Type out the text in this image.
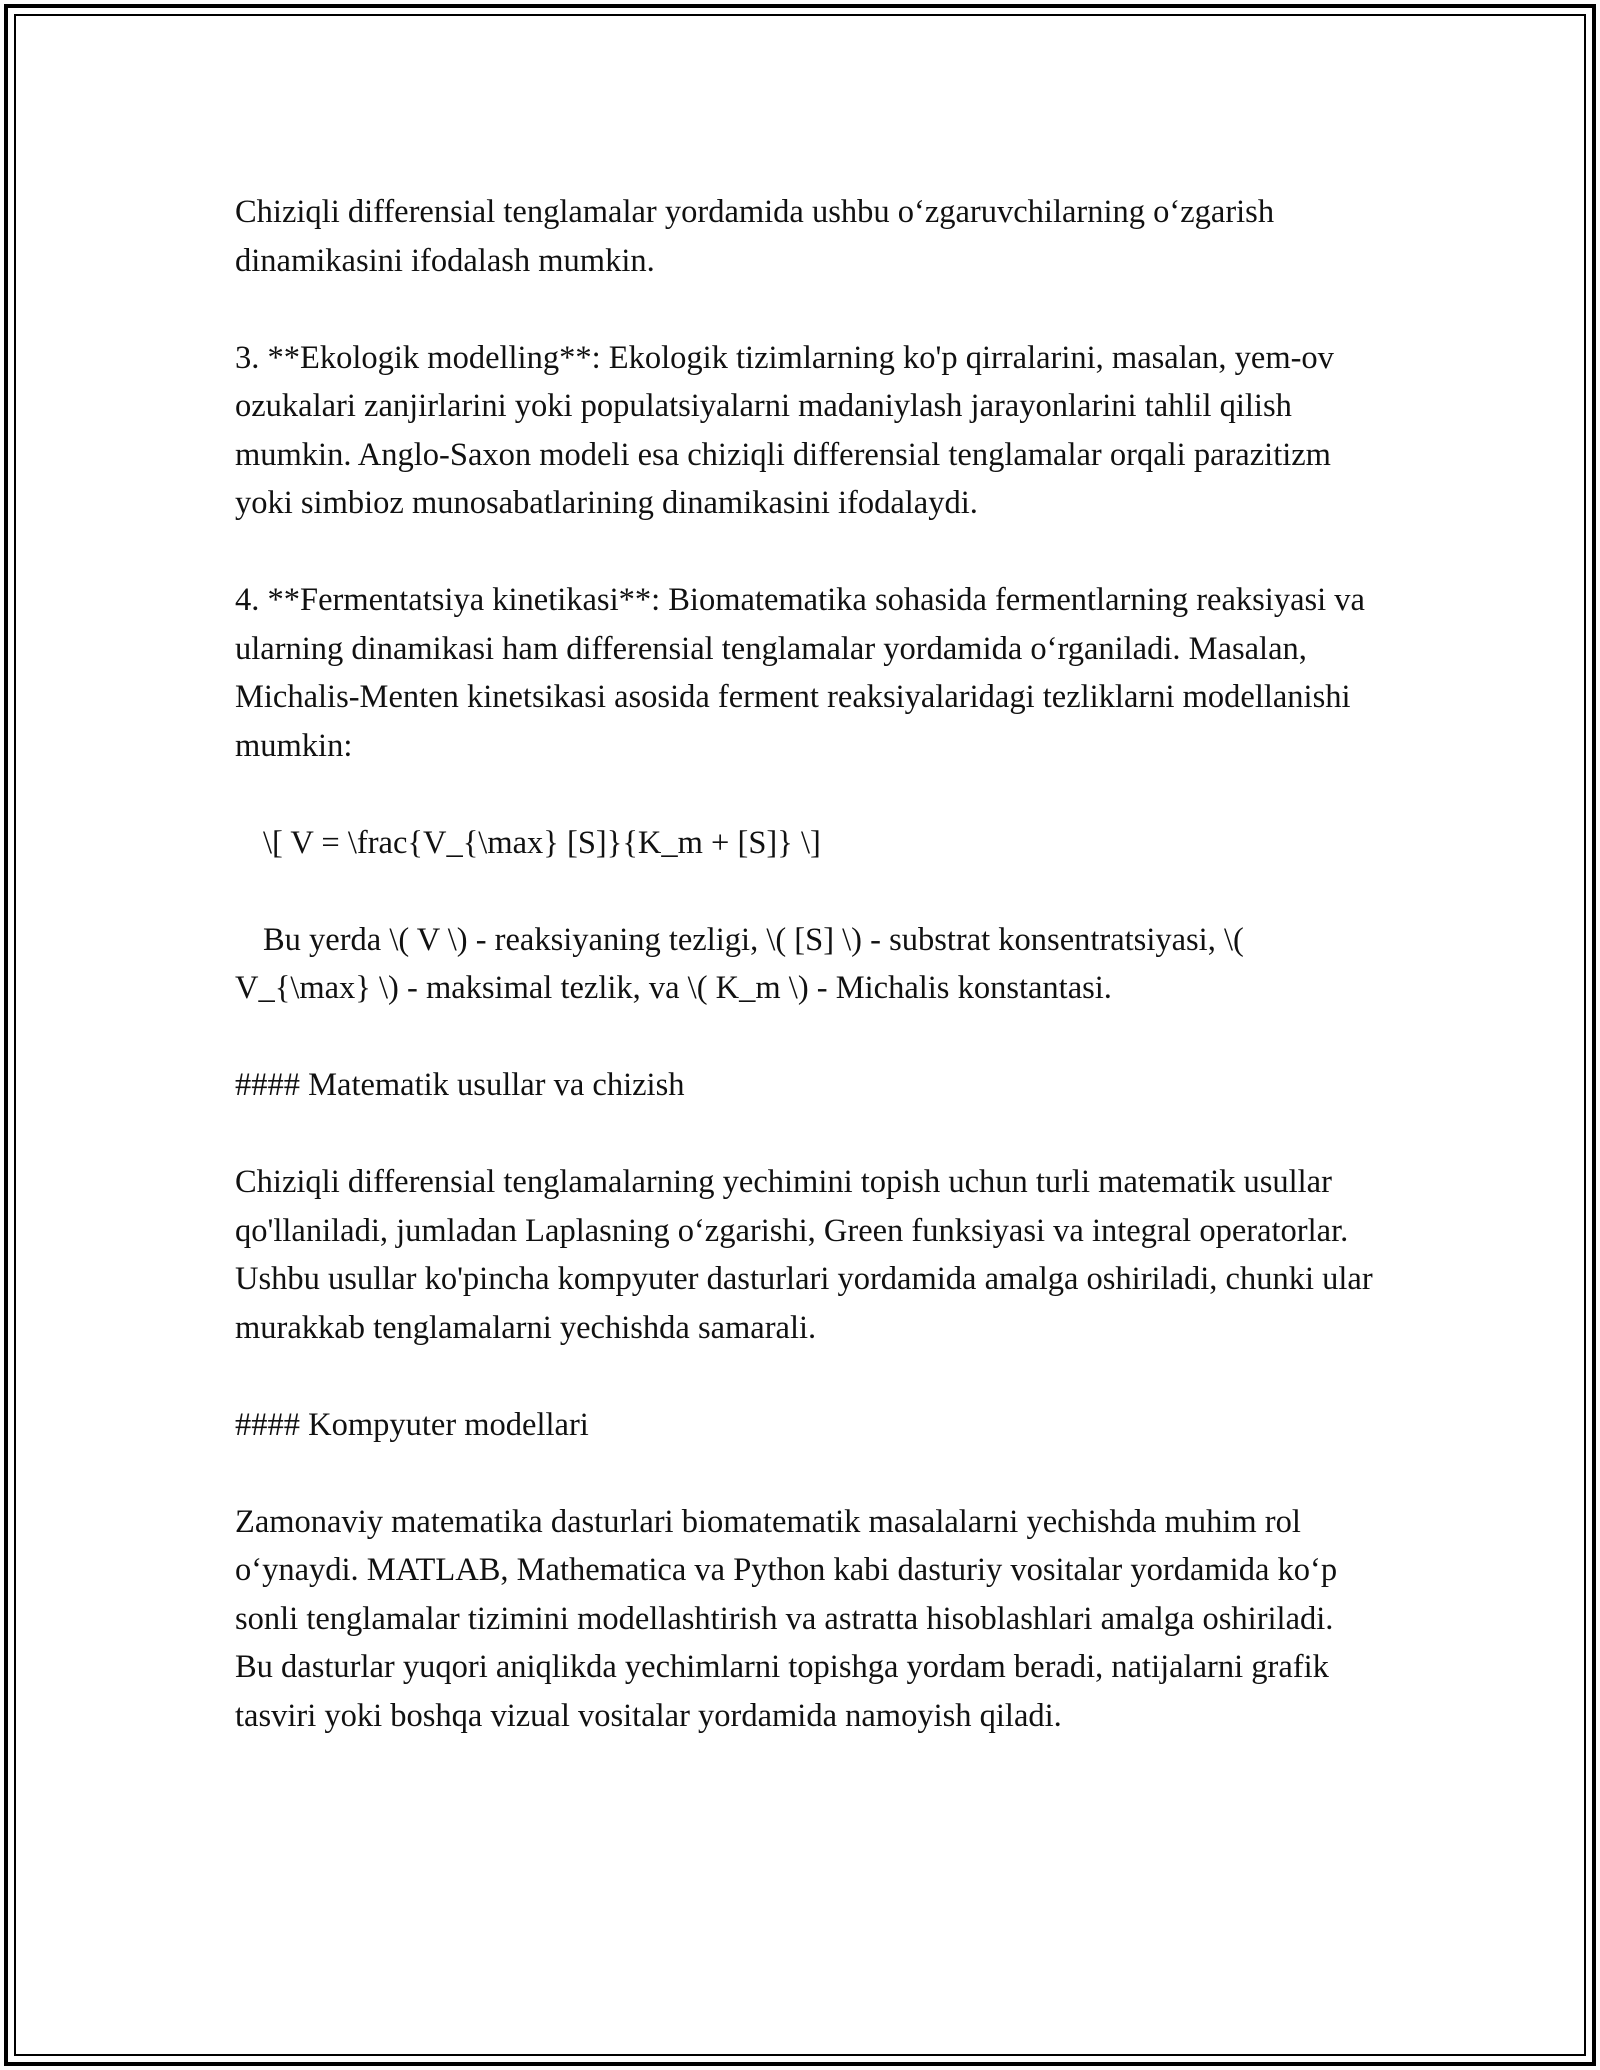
Chiziqli differensial tenglamalar yordamida ushbu o‘zgaruvchilarning o‘zgarish dinamikasini ifodalash mumkin.

3. **Ekologik modelling**: Ekologik tizimlarning ko'p qirralarini, masalan, yem-ov ozukalari zanjirlarini yoki populatsiyalarni madaniylash jarayonlarini tahlil qilish mumkin. Anglo-Saxon modeli esa chiziqli differensial tenglamalar orqali parazitizm yoki simbioz munosabatlarining dinamikasini ifodalaydi.

4. **Fermentatsiya kinetikasi**: Biomatematika sohasida fermentlarning reaksiyasi va ularning dinamikasi ham differensial tenglamalar yordamida o‘rganiladi. Masalan, Michalis-Menten kinetsikasi asosida ferment reaksiyalaridagi tezliklarni modellanishi mumkin:

\[ V = \frac{V_{\max} [S]}{K_m + [S]} \]

Bu yerda \( V \) - reaksiyaning tezligi, \( [S] \) - substrat konsentratsiyasi, \( V_{\max} \) - maksimal tezlik, va \( K_m \) - Michalis konstantasi.

#### Matematik usullar va chizish

Chiziqli differensial tenglamalarning yechimini topish uchun turli matematik usullar qo'llaniladi, jumladan Laplasning o‘zgarishi, Green funksiyasi va integral operatorlar. Ushbu usullar ko'pincha kompyuter dasturlari yordamida amalga oshiriladi, chunki ular murakkab tenglamalarni yechishda samarali.

#### Kompyuter modellari

Zamonaviy matematika dasturlari biomatematik masalalarni yechishda muhim rol o‘ynaydi. MATLAB, Mathematica va Python kabi dasturiy vositalar yordamida ko‘p sonli tenglamalar tizimini modellashtirish va astratta hisoblashlari amalga oshiriladi. Bu dasturlar yuqori aniqlikda yechimlarni topishga yordam beradi, natijalarni grafik tasviri yoki boshqa vizual vositalar yordamida namoyish qiladi.
